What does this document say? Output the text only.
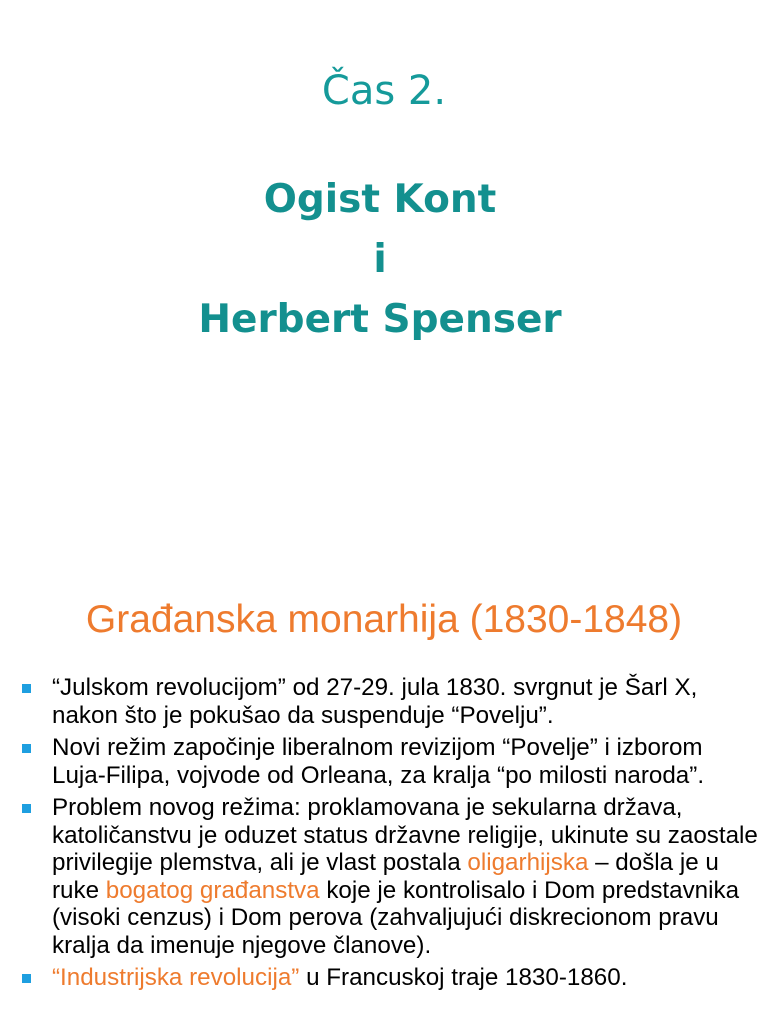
Čas 2.
Ogist Kont
i
Herbert Spenser
Građanska monarhija (1830-1848)
“Julskom revolucijom” od 27-29. jula 1830. svrgnut je Šarl X, nakon što je pokušao da suspenduje “Povelju”.
Novi režim započinje liberalnom revizijom “Povelje” i izborom Luja-Filipa, vojvode od Orleana, za kralja “po milosti naroda”.
Problem novog režima: proklamovana je sekularna država, katoličanstvu je oduzet status državne religije, ukinute su zaostale privilegije plemstva, ali je vlast postala oligarhijska – došla je u ruke bogatog građanstva koje je kontrolisalo i Dom predstavnika (visoki cenzus) i Dom perova (zahvaljujući diskrecionom pravu kralja da imenuje njegove članove).
“Industrijska revolucija” u Francuskoj traje 1830-1860.
